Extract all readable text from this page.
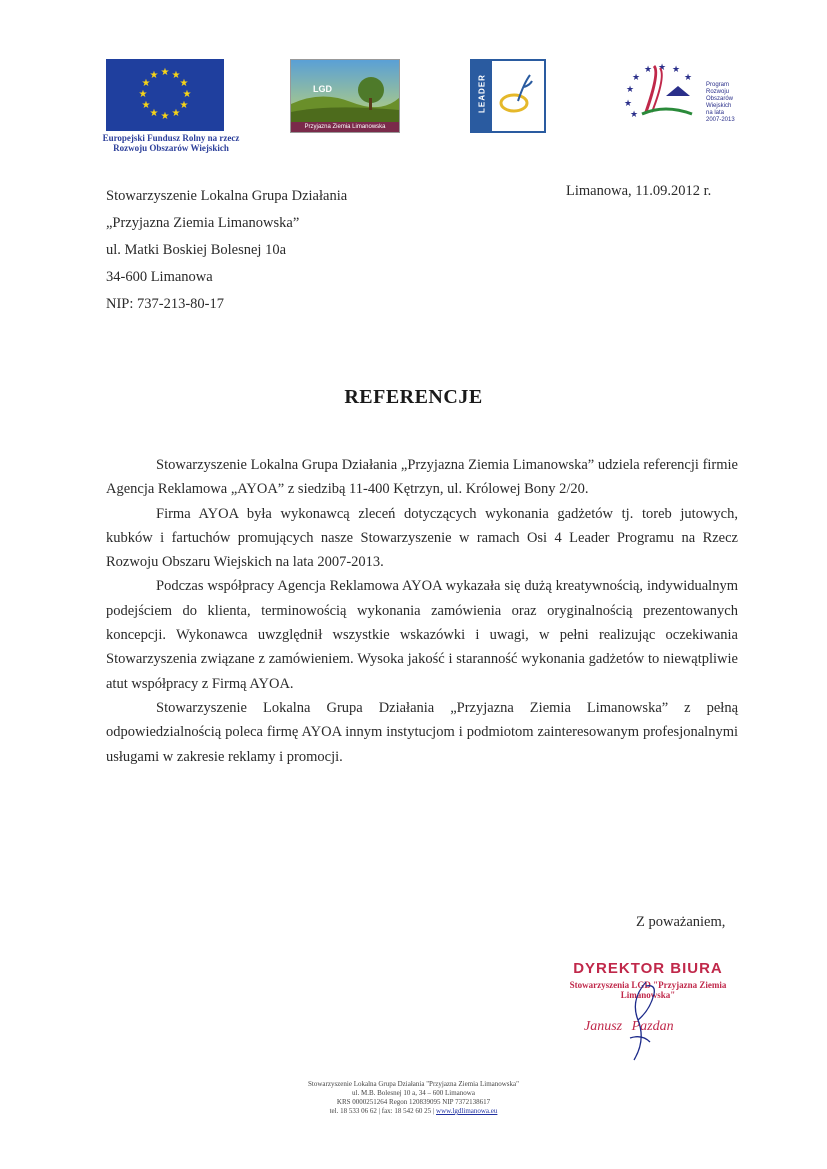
★ ★
★
★
★
★
★
★
★
★
★
★
Europejski Fundusz Rolny na rzecz
Rozwoju Obszarów Wiejskich
LGD
Przyjazna Ziemia Limanowska
LEADER	★
★
★ ★ ★
★
★
★
Program
Rozwoju
Obszarów
Wiejskich
na lata 2007-2013
Stowarzyszenie Lokalna Grupa Działania
„Przyjazna Ziemia Limanowska”
ul. Matki Boskiej Bolesnej 10a
34-600 Limanowa
NIP: 737-213-80-17
Limanowa, 11.09.2012 r.
REFERENCJE

Stowarzyszenie Lokalna Grupa Działania „Przyjazna Ziemia Limanowska” udziela referencji firmie Agencja Reklamowa „AYOA” z siedzibą 11-400 Kętrzyn, ul. Królowej Bony 2/20.

Firma AYOA była wykonawcą zleceń dotyczących wykonania gadżetów tj. toreb jutowych, kubków i fartuchów promujących nasze Stowarzyszenie w ramach Osi 4 Leader Programu na Rzecz Rozwoju Obszaru Wiejskich na lata 2007-2013.

Podczas współpracy Agencja Reklamowa AYOA wykazała się dużą kreatywnością, indywidualnym podejściem do klienta, terminowością wykonania zamówienia oraz oryginalnością prezentowanych koncepcji. Wykonawca uwzględnił wszystkie wskazówki i uwagi, w pełni realizując oczekiwania Stowarzyszenia związane z zamówieniem. Wysoka jakość i staranność wykonania gadżetów to niewątpliwie atut współpracy z Firmą AYOA.

Stowarzyszenie Lokalna Grupa Działania „Przyjazna Ziemia Limanowska” z pełną odpowiedzialnością poleca firmę AYOA innym instytucjom i podmiotom zainteresowanym profesjonalnymi usługami w zakresie reklamy i promocji.

Z poważaniem,
DYREKTOR BIURA
Stowarzyszenia LGD "Przyjazna Ziemia Limanowska"
Janusz Pazdan
Stowarzyszenie Lokalna Grupa Działania "Przyjazna Ziemia Limanowska"
ul. M.B. Bolesnej 10 a, 34 – 600 Limanowa
KRS 0000251264 Regon 120839095 NIP 7372138617
tel. 18 533 06 62 | fax: 18 542 60 25 | www.lgdlimanowa.eu
